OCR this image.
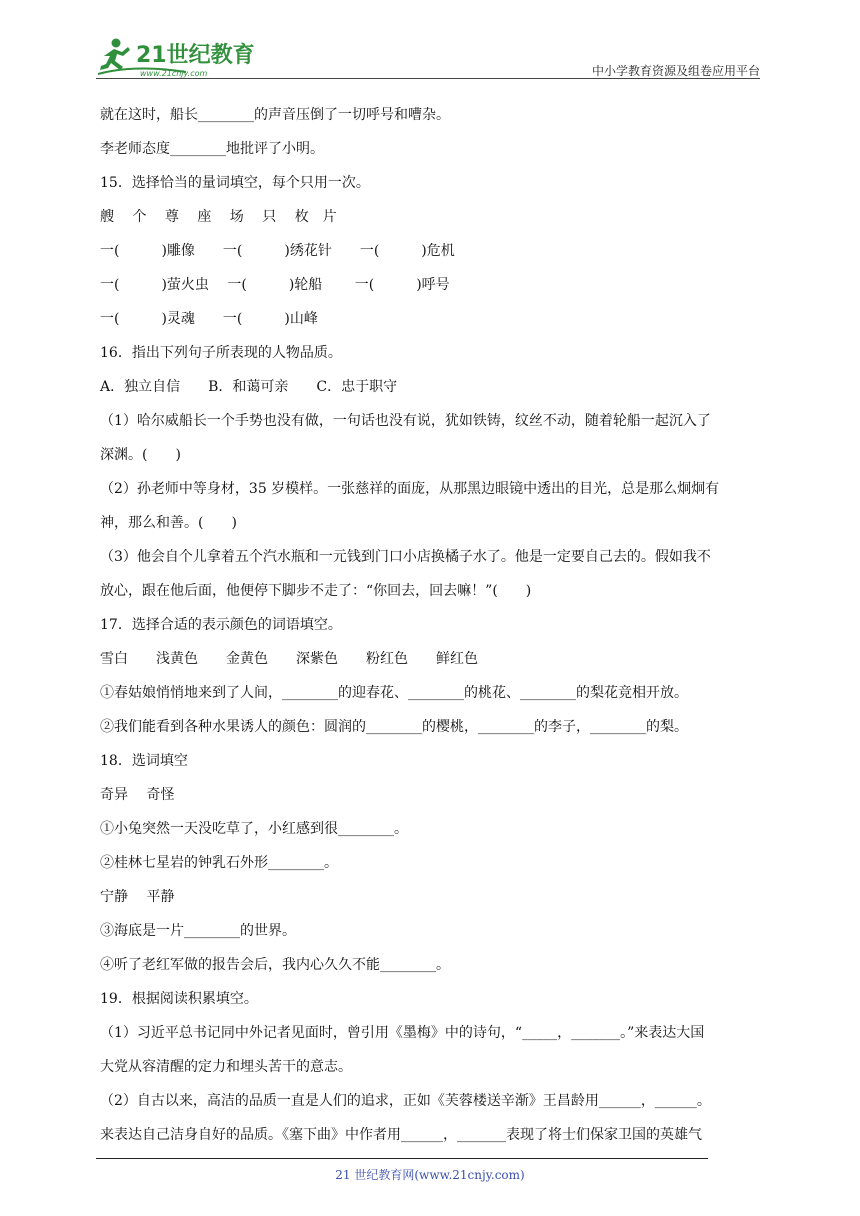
21世纪教育
www.21cnjy.com	中小学教育资源及组卷应用平台
就在这时，船长________的声音压倒了一切呼号和嘈杂。
李老师态度________地批评了小明。
15．选择恰当的量词填空，每个只用一次。
艘　 个　 尊　 座　 场　 只　 枚　片
一(　　　)雕像　　一(　　　)绣花针　　一(　　　)危机
一(　　　)萤火虫　 一(　　　)轮船　　 一(　　　)呼号
一(　　　)灵魂　　一(　　　)山峰
16．指出下列句子所表现的人物品质。
A．独立自信　　B．和蔼可亲　　C．忠于职守
（1）哈尔威船长一个手势也没有做，一句话也没有说，犹如铁铸，纹丝不动，随着轮船一起沉入了
深渊。(　　)
（2）孙老师中等身材，35 岁模样。一张慈祥的面庞，从那黑边眼镜中透出的目光，总是那么炯炯有
神，那么和善。(　　)
（3）他会自个儿拿着五个汽水瓶和一元钱到门口小店换橘子水了。他是一定要自己去的。假如我不
放心，跟在他后面，他便停下脚步不走了：“你回去，回去嘛！”(　　)
17．选择合适的表示颜色的词语填空。
雪白　　浅黄色　　金黄色　　深紫色　　粉红色　　鲜红色
①春姑娘悄悄地来到了人间，________的迎春花、________的桃花、________的梨花竞相开放。
②我们能看到各种水果诱人的颜色：圆润的________的樱桃，________的李子，________的梨。
18．选词填空
奇异　 奇怪
①小兔突然一天没吃草了，小红感到很________。
②桂林七星岩的钟乳石外形________。
宁静　 平静
③海底是一片________的世界。
④听了老红军做的报告会后，我内心久久不能________。
19．根据阅读积累填空。
（1）习近平总书记同中外记者见面时，曾引用《墨梅》中的诗句，“_____，_______。”来表达大国
大党从容清醒的定力和埋头苦干的意志。
（2）自古以来，高洁的品质一直是人们的追求，正如《芙蓉楼送辛渐》王昌龄用______，______。
来表达自己洁身自好的品质。《塞下曲》中作者用______，_______表现了将士们保家卫国的英雄气
21 世纪教育网(www.21cnjy.com)
